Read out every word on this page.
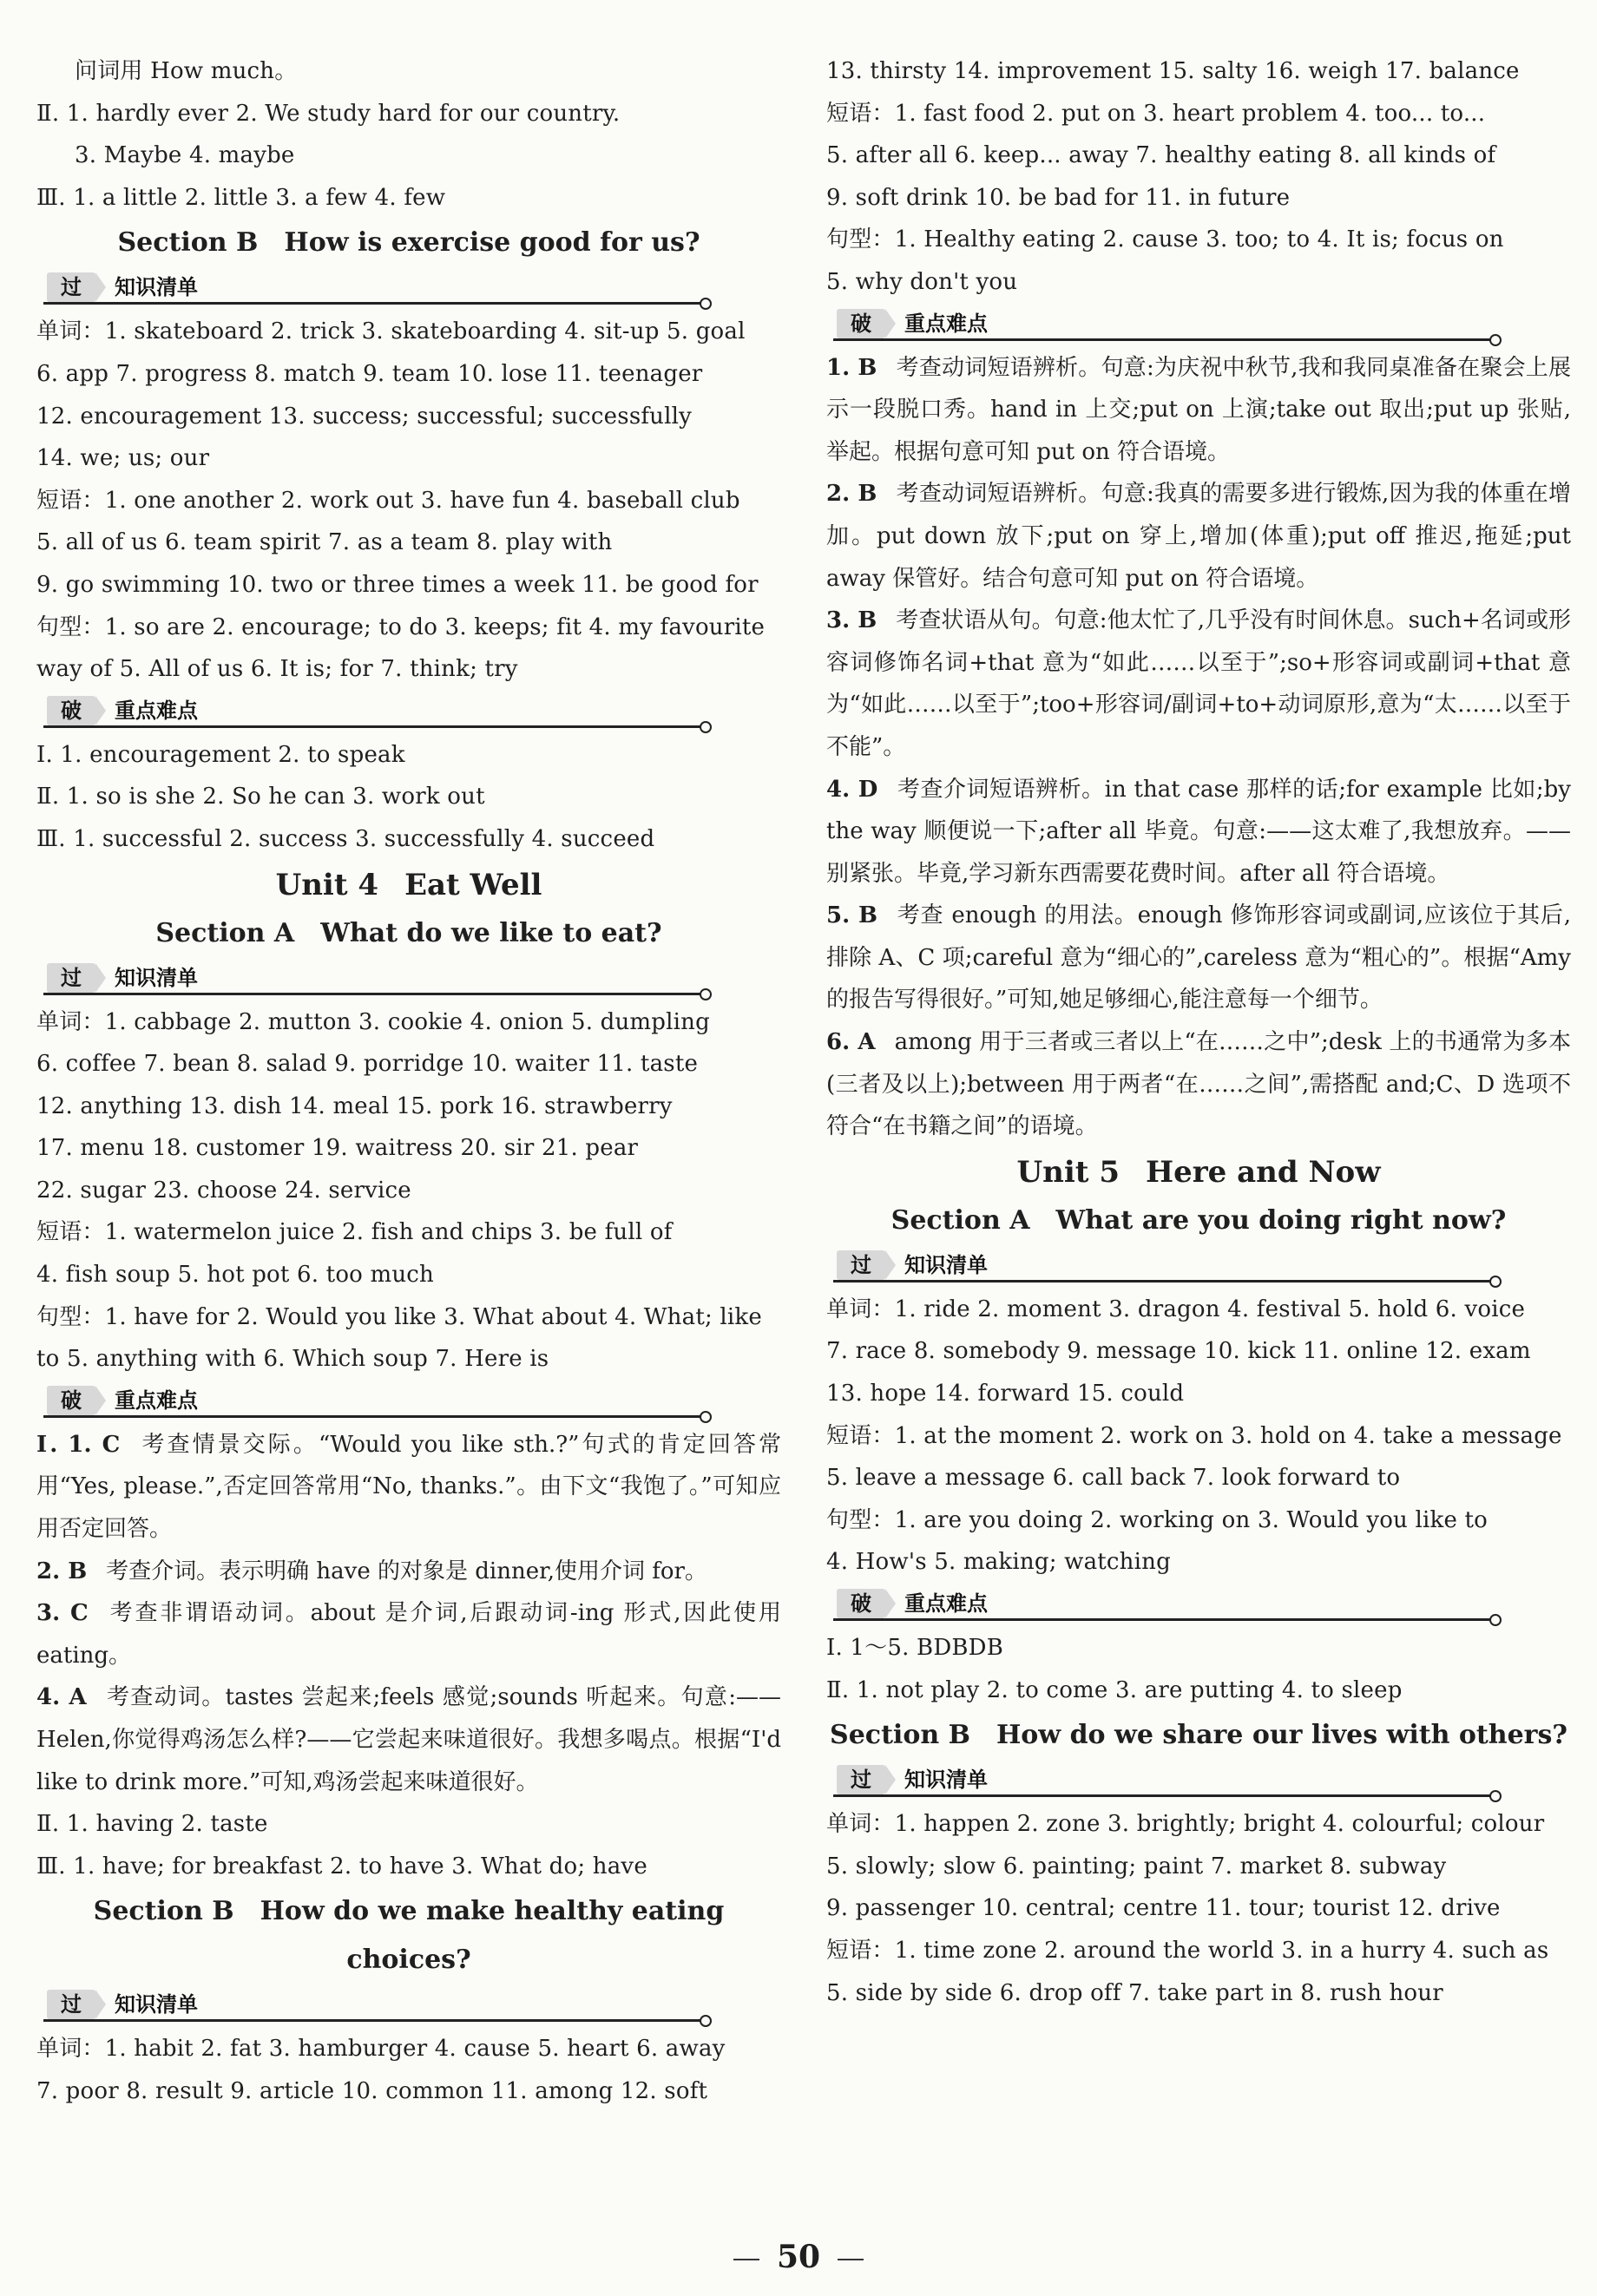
问词用 How much。
Ⅱ. 1. hardly ever 2. We study hard for our country.
3. Maybe 4. maybe
Ⅲ. 1. a little 2. little 3. a few 4. few
Section B How is exercise good for us?
过	知识清单
单词：1. skateboard 2. trick 3. skateboarding 4. sit-up 5. goal
6. app 7. progress 8. match 9. team 10. lose 11. teenager
12. encouragement 13. success; successful; successfully
14. we; us; our
短语：1. one another 2. work out 3. have fun 4. baseball club
5. all of us 6. team spirit 7. as a team 8. play with
9. go swimming 10. two or three times a week 11. be good for
句型：1. so are 2. encourage; to do 3. keeps; fit 4. my favourite
way of 5. All of us 6. It is; for 7. think; try
破	重点难点
Ⅰ. 1. encouragement 2. to speak
Ⅱ. 1. so is she 2. So he can 3. work out
Ⅲ. 1. successful 2. success 3. successfully 4. succeed
Unit 4 Eat Well
Section A What do we like to eat?
过	知识清单
单词：1. cabbage 2. mutton 3. cookie 4. onion 5. dumpling
6. coffee 7. bean 8. salad 9. porridge 10. waiter 11. taste
12. anything 13. dish 14. meal 15. pork 16. strawberry
17. menu 18. customer 19. waitress 20. sir 21. pear
22. sugar 23. choose 24. service
短语：1. watermelon juice 2. fish and chips 3. be full of
4. fish soup 5. hot pot 6. too much
句型：1. have for 2. Would you like 3. What about 4. What; like
to 5. anything with 6. Which soup 7. Here is
破	重点难点
Ⅰ. 1. C 考查情景交际。“Would you like sth.?”句式的肯定回答常用“Yes, please.”,否定回答常用“No, thanks.”。由下文“我饱了。”可知应用否定回答。
2. B 考查介词。表示明确 have 的对象是 dinner,使用介词 for。
3. C 考查非谓语动词。about 是介词,后跟动词-ing 形式,因此使用 eating。
4. A 考查动词。tastes 尝起来;feels 感觉;sounds 听起来。句意:——Helen,你觉得鸡汤怎么样?——它尝起来味道很好。我想多喝点。根据“I'd like to drink more.”可知,鸡汤尝起来味道很好。
Ⅱ. 1. having 2. taste
Ⅲ. 1. have; for breakfast 2. to have 3. What do; have
Section B How do we make healthy eating choices?
过	知识清单
单词：1. habit 2. fat 3. hamburger 4. cause 5. heart 6. away
7. poor 8. result 9. article 10. common 11. among 12. soft
13. thirsty 14. improvement 15. salty 16. weigh 17. balance
短语：1. fast food 2. put on 3. heart problem 4. too... to...
5. after all 6. keep... away 7. healthy eating 8. all kinds of
9. soft drink 10. be bad for 11. in future
句型：1. Healthy eating 2. cause 3. too; to 4. It is; focus on
5. why don't you
破	重点难点
1. B 考查动词短语辨析。句意:为庆祝中秋节,我和我同桌准备在聚会上展示一段脱口秀。hand in 上交;put on 上演;take out 取出;put up 张贴,举起。根据句意可知 put on 符合语境。
2. B 考查动词短语辨析。句意:我真的需要多进行锻炼,因为我的体重在增加。put down 放下;put on 穿上,增加(体重);put off 推迟,拖延;put away 保管好。结合句意可知 put on 符合语境。
3. B 考查状语从句。句意:他太忙了,几乎没有时间休息。such+名词或形容词修饰名词+that 意为“如此……以至于”;so+形容词或副词+that 意为“如此……以至于”;too+形容词/副词+to+动词原形,意为“太……以至于不能”。
4. D 考查介词短语辨析。in that case 那样的话;for example 比如;by the way 顺便说一下;after all 毕竟。句意:——这太难了,我想放弃。——别紧张。毕竟,学习新东西需要花费时间。after all 符合语境。
5. B 考查 enough 的用法。enough 修饰形容词或副词,应该位于其后,排除 A、C 项;careful 意为“细心的”,careless 意为“粗心的”。根据“Amy 的报告写得很好。”可知,她足够细心,能注意每一个细节。
6. A among 用于三者或三者以上“在……之中”;desk 上的书通常为多本(三者及以上);between 用于两者“在……之间”,需搭配 and;C、D 选项不符合“在书籍之间”的语境。
Unit 5 Here and Now
Section A What are you doing right now?
过	知识清单
单词：1. ride 2. moment 3. dragon 4. festival 5. hold 6. voice
7. race 8. somebody 9. message 10. kick 11. online 12. exam
13. hope 14. forward 15. could
短语：1. at the moment 2. work on 3. hold on 4. take a message
5. leave a message 6. call back 7. look forward to
句型：1. are you doing 2. working on 3. Would you like to
4. How's 5. making; watching
破	重点难点
Ⅰ. 1～5. BDBDB
Ⅱ. 1. not play 2. to come 3. are putting 4. to sleep
Section B How do we share our lives with others?
过	知识清单
单词：1. happen 2. zone 3. brightly; bright 4. colourful; colour
5. slowly; slow 6. painting; paint 7. market 8. subway
9. passenger 10. central; centre 11. tour; tourist 12. drive
短语：1. time zone 2. around the world 3. in a hurry 4. such as
5. side by side 6. drop off 7. take part in 8. rush hour
50
